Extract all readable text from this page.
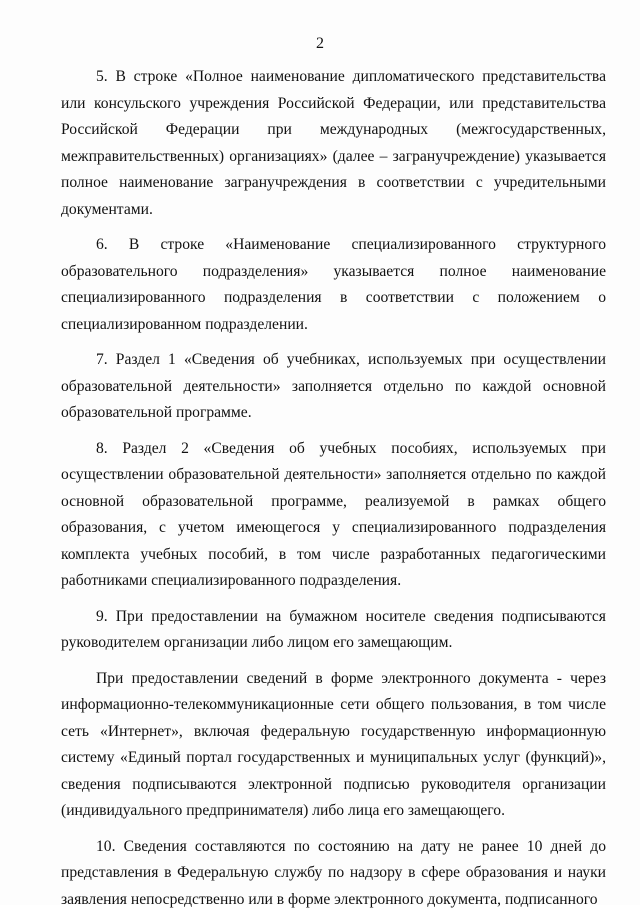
2

5. В строке «Полное наименование дипломатического представительства или консульского учреждения Российской Федерации, или представительства Российской Федерации при международных (межгосударственных, межправительственных) организациях» (далее – загранучреждение) указывается полное наименование загранучреждения в соответствии с учредительными документами.

6. В строке «Наименование специализированного структурного образовательного подразделения» указывается полное наименование специализированного подразделения в соответствии с положением о специализированном подразделении.

7. Раздел 1 «Сведения об учебниках, используемых при осуществлении образовательной деятельности» заполняется отдельно по каждой основной образовательной программе.

8. Раздел 2 «Сведения об учебных пособиях, используемых при осуществлении образовательной деятельности» заполняется отдельно по каждой основной образовательной программе, реализуемой в рамках общего образования, с учетом имеющегося у специализированного подразделения комплекта учебных пособий, в том числе разработанных педагогическими работниками специализированного подразделения.

9. При предоставлении на бумажном носителе сведения подписываются руководителем организации либо лицом его замещающим.

При предоставлении сведений в форме электронного документа - через информационно-телекоммуникационные сети общего пользования, в том числе сеть «Интернет», включая федеральную государственную информационную систему «Единый портал государственных и муниципальных услуг (функций)», сведения подписываются электронной подписью руководителя организации (индивидуального предпринимателя) либо лица его замещающего.

10. Сведения составляются по состоянию на дату не ранее 10 дней до представления в Федеральную службу по надзору в сфере образования и науки заявления непосредственно или в форме электронного документа, подписанного
